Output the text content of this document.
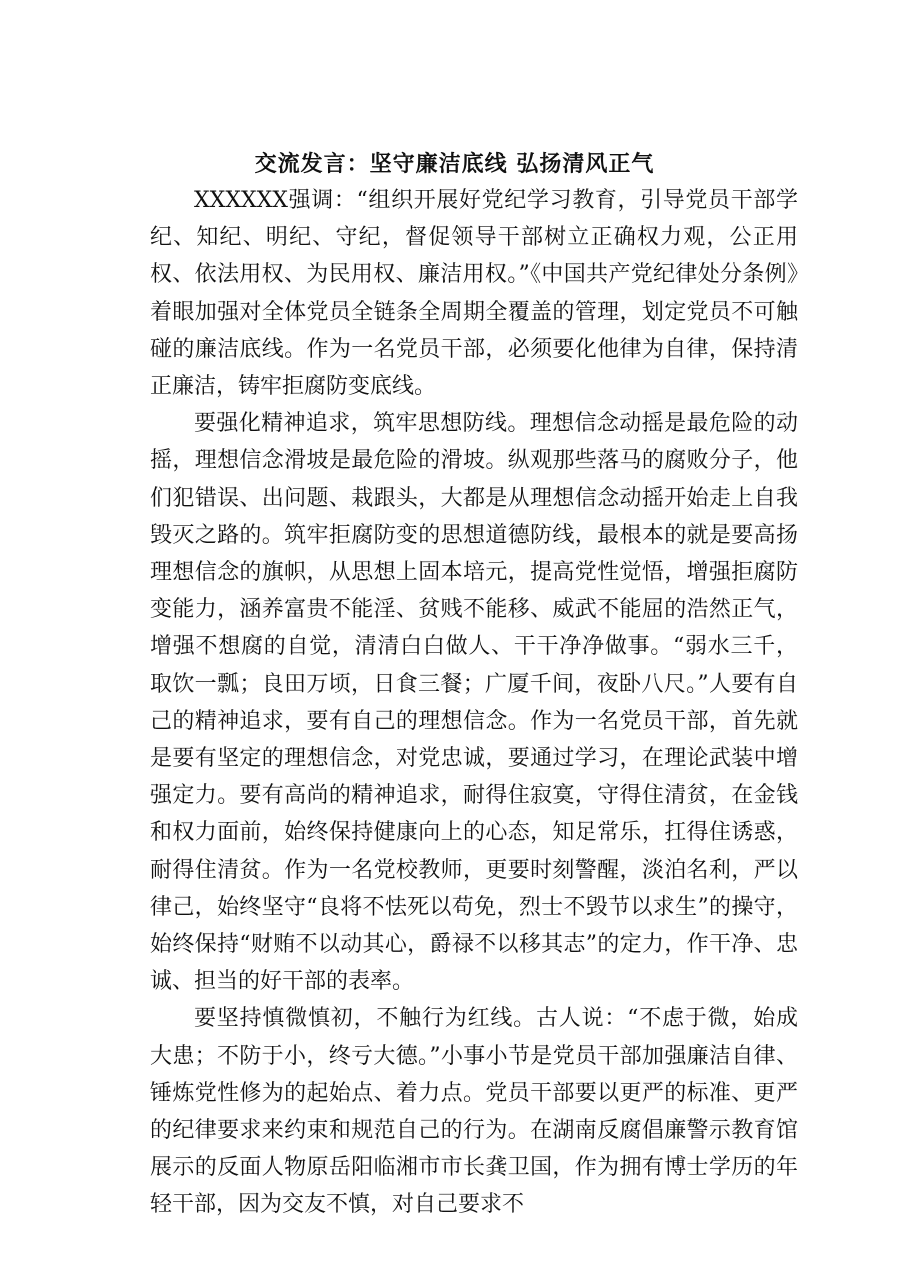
交流发言：坚守廉洁底线 弘扬清风正气

XXXXXX强调：“组织开展好党纪学习教育，引导党员干部学纪、知纪、明纪、守纪，督促领导干部树立正确权力观，公正用权、依法用权、为民用权、廉洁用权。”《中国共产党纪律处分条例》着眼加强对全体党员全链条全周期全覆盖的管理，划定党员不可触碰的廉洁底线。作为一名党员干部，必须要化他律为自律，保持清正廉洁，铸牢拒腐防变底线。

要强化精神追求，筑牢思想防线。理想信念动摇是最危险的动摇，理想信念滑坡是最危险的滑坡。纵观那些落马的腐败分子，他们犯错误、出问题、栽跟头，大都是从理想信念动摇开始走上自我毁灭之路的。筑牢拒腐防变的思想道德防线，最根本的就是要高扬理想信念的旗帜，从思想上固本培元，提高党性觉悟，增强拒腐防变能力，涵养富贵不能淫、贫贱不能移、威武不能屈的浩然正气，增强不想腐的自觉，清清白白做人、干干净净做事。“弱水三千，取饮一瓢；良田万顷，日食三餐；广厦千间，夜卧八尺。”人要有自己的精神追求，要有自己的理想信念。作为一名党员干部，首先就是要有坚定的理想信念，对党忠诚，要通过学习，在理论武装中增强定力。要有高尚的精神追求，耐得住寂寞，守得住清贫，在金钱和权力面前，始终保持健康向上的心态，知足常乐，扛得住诱惑，耐得住清贫。作为一名党校教师，更要时刻警醒，淡泊名利，严以律己，始终坚守“良将不怯死以苟免，烈士不毁节以求生”的操守，始终保持“财贿不以动其心，爵禄不以移其志”的定力，作干净、忠诚、担当的好干部的表率。

要坚持慎微慎初，不触行为红线。古人说：“不虑于微，始成大患；不防于小，终亏大德。”小事小节是党员干部加强廉洁自律、锤炼党性修为的起始点、着力点。党员干部要以更严的标准、更严的纪律要求来约束和规范自己的行为。在湖南反腐倡廉警示教育馆展示的反面人物原岳阳临湘市市长龚卫国，作为拥有博士学历的年轻干部，因为交友不慎，对自己要求不
